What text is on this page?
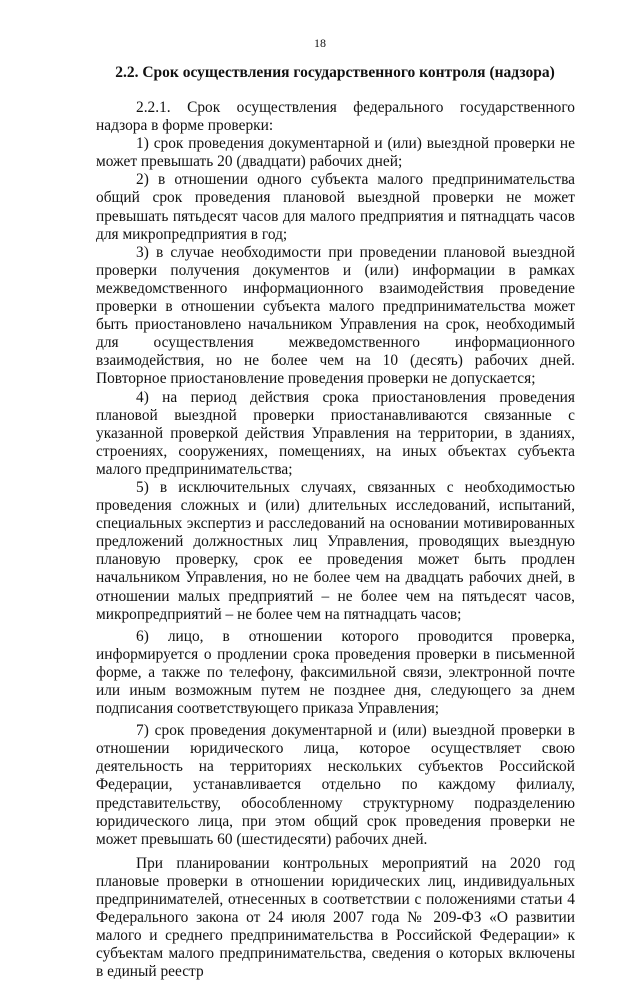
18
2.2. Срок осуществления государственного контроля (надзора)

2.2.1. Срок осуществления федерального государственного надзора в форме проверки:

1) срок проведения документарной и (или) выездной проверки не может превышать 20 (двадцати) рабочих дней;

2) в отношении одного субъекта малого предпринимательства общий срок проведения плановой выездной проверки не может превышать пятьдесят часов для малого предприятия и пятнадцать часов для микропредприятия в год;

3) в случае необходимости при проведении плановой выездной проверки получения документов и (или) информации в рамках межведомственного информационного взаимодействия проведение проверки в отношении субъекта малого предпринимательства может быть приостановлено начальником Управления на срок, необходимый для осуществления межведомственного информационного взаимодействия, но не более чем на 10 (десять) рабочих дней. Повторное приостановление проведения проверки не допускается;

4) на период действия срока приостановления проведения плановой выездной проверки приостанавливаются связанные с указанной проверкой действия Управления на территории, в зданиях, строениях, сооружениях, помещениях, на иных объектах субъекта малого предпринимательства;

5) в исключительных случаях, связанных с необходимостью проведения сложных и (или) длительных исследований, испытаний, специальных экспертиз и расследований на основании мотивированных предложений должностных лиц Управления, проводящих выездную плановую проверку, срок ее проведения может быть продлен начальником Управления, но не более чем на двадцать рабочих дней, в отношении малых предприятий – не более чем на пятьдесят часов, микропредприятий – не более чем на пятнадцать часов;

6) лицо, в отношении которого проводится проверка, информируется о продлении срока проведения проверки в письменной форме, а также по телефону, факсимильной связи, электронной почте или иным возможным путем не позднее дня, следующего за днем подписания соответствующего приказа Управления;

7) срок проведения документарной и (или) выездной проверки в отношении юридического лица, которое осуществляет свою деятельность на территориях нескольких субъектов Российской Федерации, устанавливается отдельно по каждому филиалу, представительству, обособленному структурному подразделению юридического лица, при этом общий срок проведения проверки не может превышать 60 (шестидесяти) рабочих дней.

При планировании контрольных мероприятий на 2020 год плановые проверки в отношении юридических лиц, индивидуальных предпринимателей, отнесенных в соответствии с положениями статьи 4 Федерального закона от 24 июля 2007 года № 209-ФЗ «О развитии малого и среднего предпринимательства в Российской Федерации» к субъектам малого предпринимательства, сведения о которых включены в единый реестр
